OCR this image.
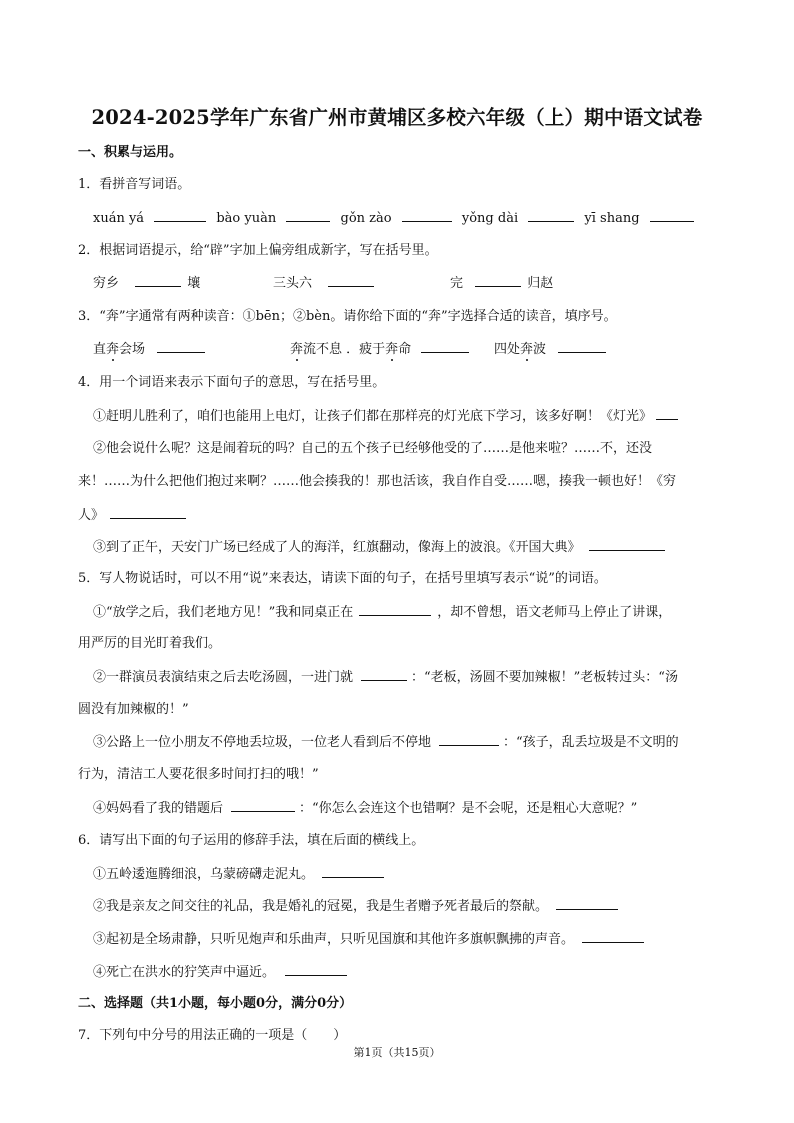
2024-2025学年广东省广州市黄埔区多校六年级（上）期中语文试卷
一、积累与运用。
1．看拼音写词语。
xuán yá	bào yuàn	gǒn zào	yǒng dài	yī shang
2．根据词语提示，给“辟”字加上偏旁组成新字，写在括号里。
穷乡	壤	三头六	完	归赵
3．“奔”字通常有两种读音：①bēn；②bèn。请你给下面的“奔”字选择合适的读音，填序号。
直奔会场	奔流不息 ．疲于奔命	四处奔波
4．用一个词语来表示下面句子的意思，写在括号里。
①赶明儿胜利了，咱们也能用上电灯，让孩子们都在那样亮的灯光底下学习，该多好啊！《灯光》
②他会说什么呢？这是闹着玩的吗？自己的五个孩子已经够他受的了……是他来啦？……不，还没
来！……为什么把他们抱过来啊？……他会揍我的！那也活该，我自作自受……嗯，揍我一顿也好！《穷
人》
③到了正午，天安门广场已经成了人的海洋，红旗翻动，像海上的波浪。《开国大典》
5．写人物说话时，可以不用“说”来表达，请读下面的句子，在括号里填写表示“说”的词语。
①“放学之后，我们老地方见！”我和同桌正在	，却不曾想，语文老师马上停止了讲课，
用严厉的目光盯着我们。
②一群演员表演结束之后去吃汤圆，一进门就	：“老板，汤圆不要加辣椒！”老板转过头：“汤
圆没有加辣椒的！”
③公路上一位小朋友不停地丢垃圾，一位老人看到后不停地	：“孩子，乱丢垃圾是不文明的
行为，清洁工人要花很多时间打扫的哦！”
④妈妈看了我的错题后	：“你怎么会连这个也错啊？是不会呢，还是粗心大意呢？”
6．请写出下面的句子运用的修辞手法，填在后面的横线上。
①五岭逶迤腾细浪，乌蒙磅礴走泥丸。
②我是亲友之间交往的礼品，我是婚礼的冠冕，我是生者赠予死者最后的祭献。
③起初是全场肃静，只听见炮声和乐曲声，只听见国旗和其他许多旗帜飘拂的声音。
④死亡在洪水的狞笑声中逼近。
二、选择题（共1小题，每小题0分，满分0分）
7．下列句中分号的用法正确的一项是（　　）
第1页（共15页）
